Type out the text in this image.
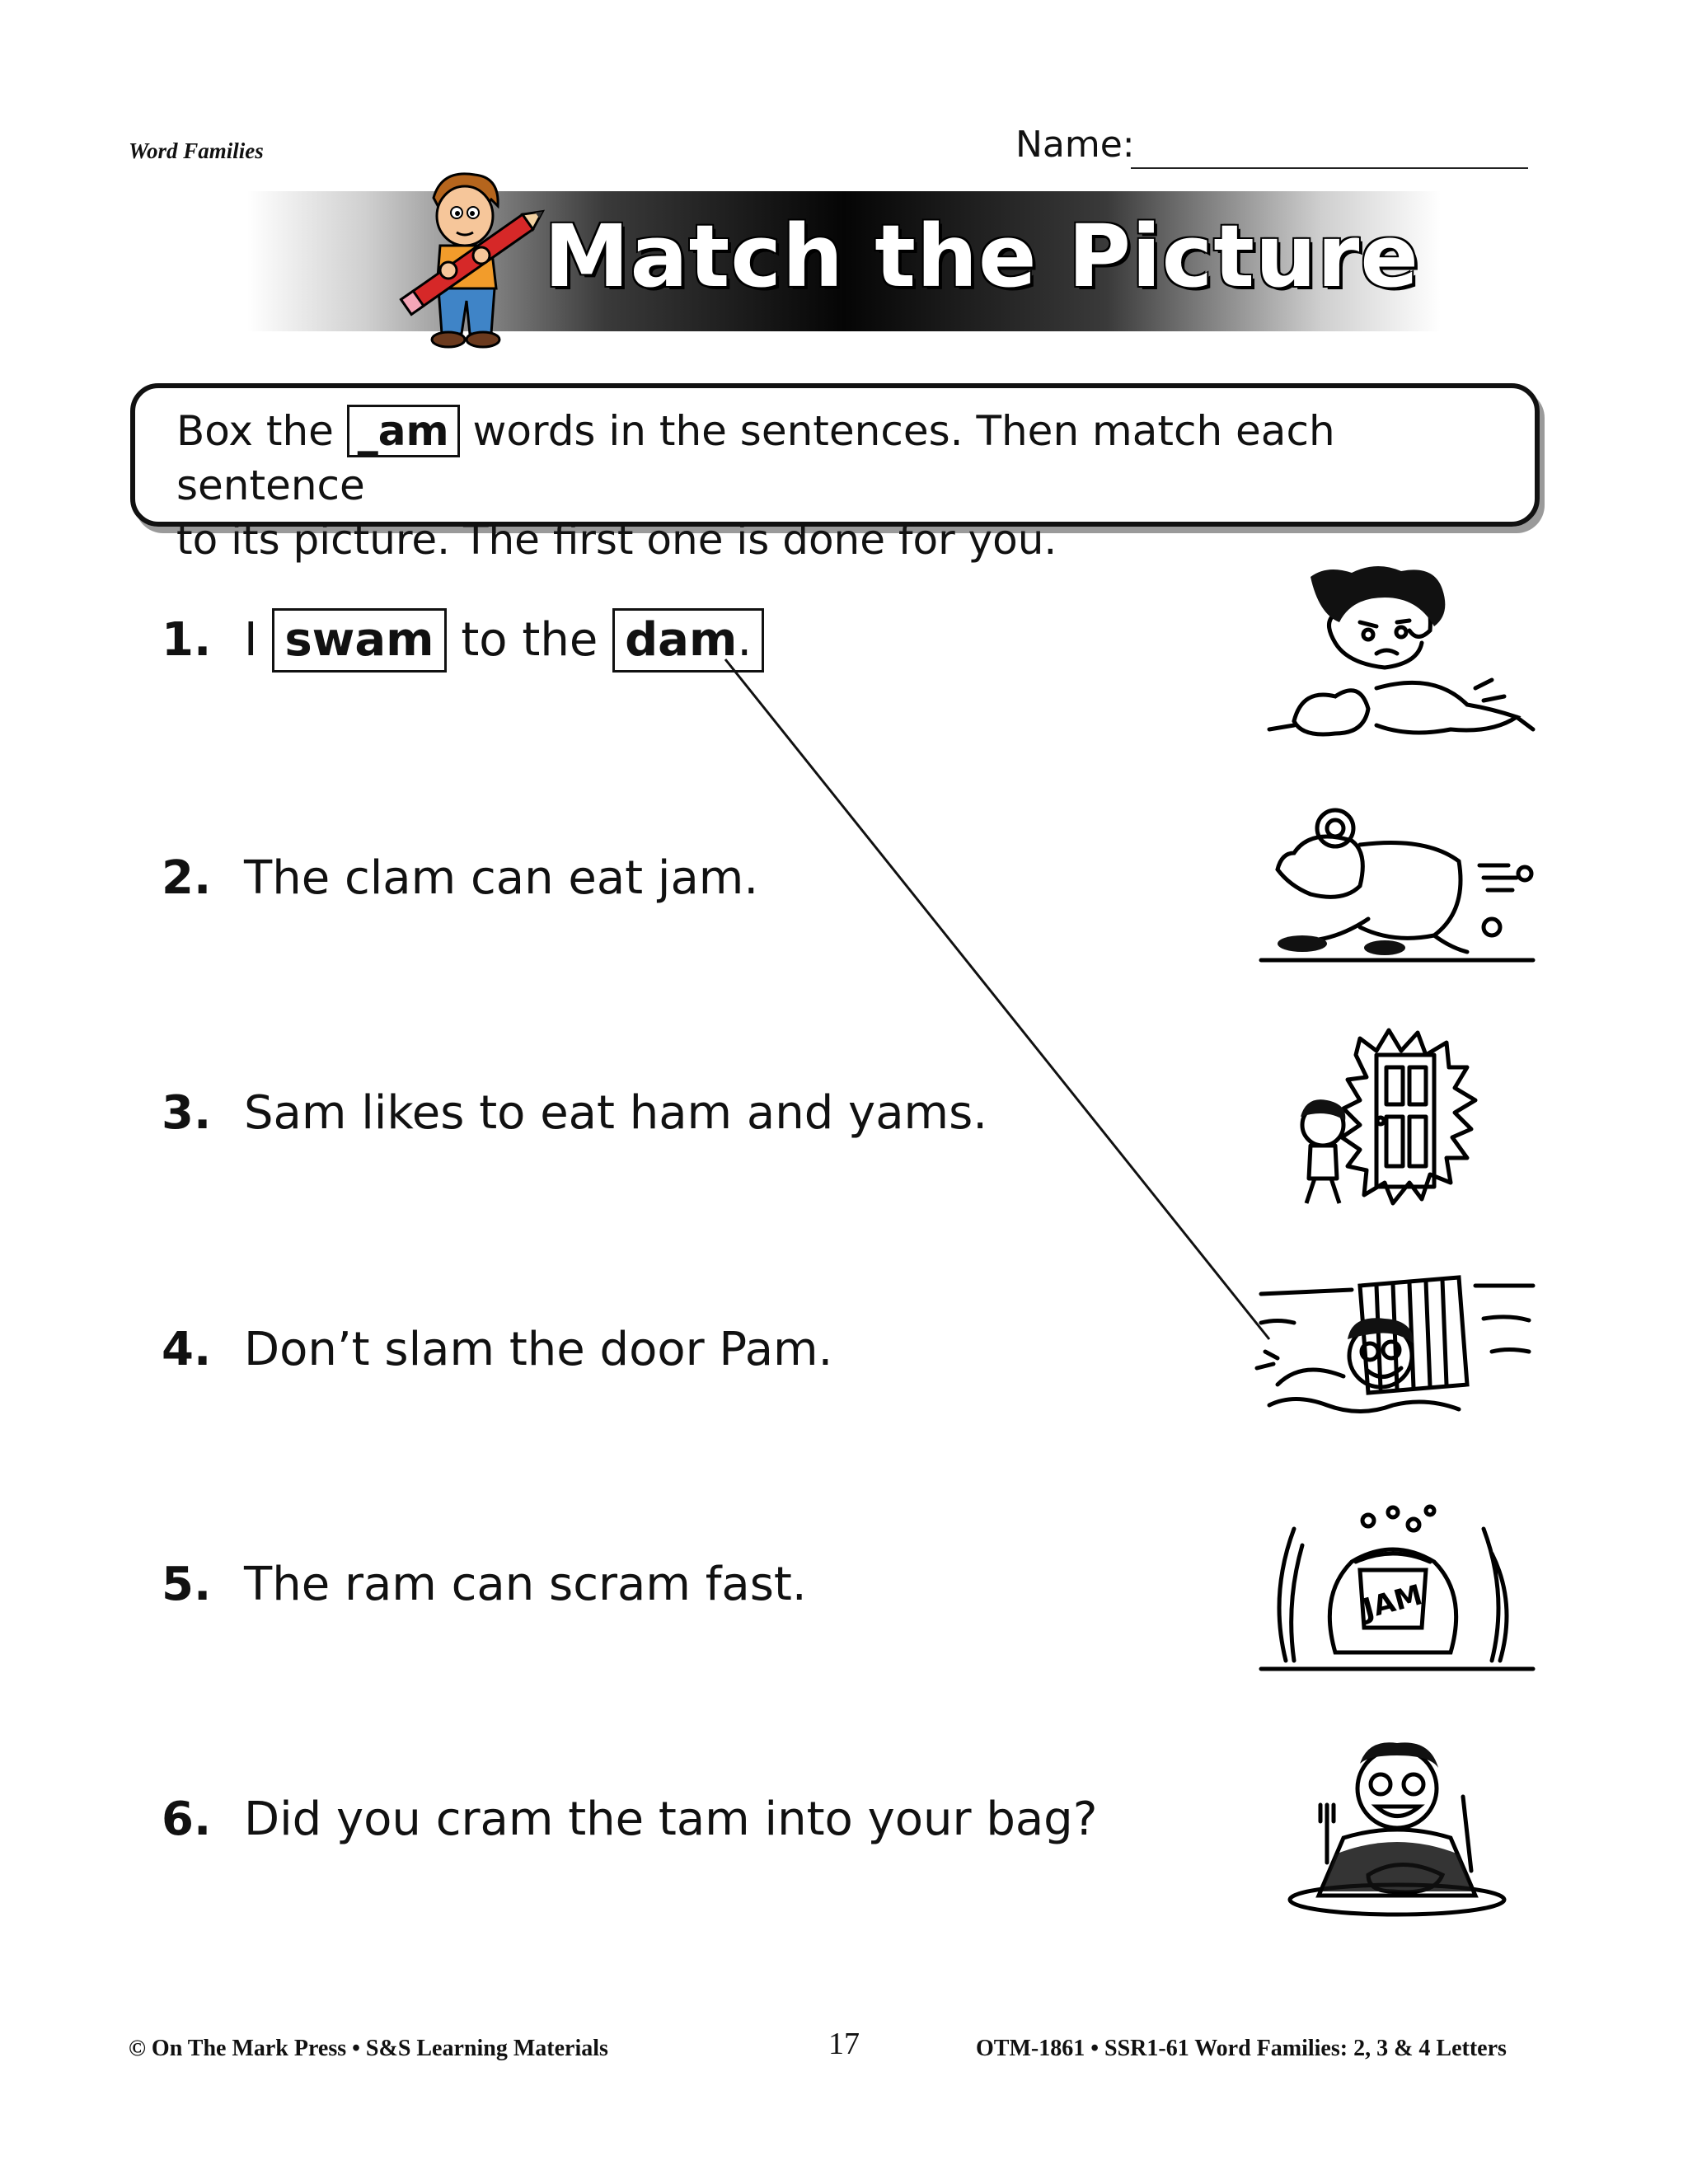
Word Families	Name:
Match the Picture
Box the _am words in the sentences. Then match each sentence
to its picture. The first one is done for you.
1. I swam to the dam.
2. The clam can eat jam.
3. Sam likes to eat ham and yams.
4. Don’t slam the door Pam.
5. The ram can scram fast.
6. Did you cram the tam into your bag?
JAM
© On The Mark Press • S&S Learning Materials	17	OTM-1861 • SSR1-61 Word Families: 2, 3 & 4 Letters
